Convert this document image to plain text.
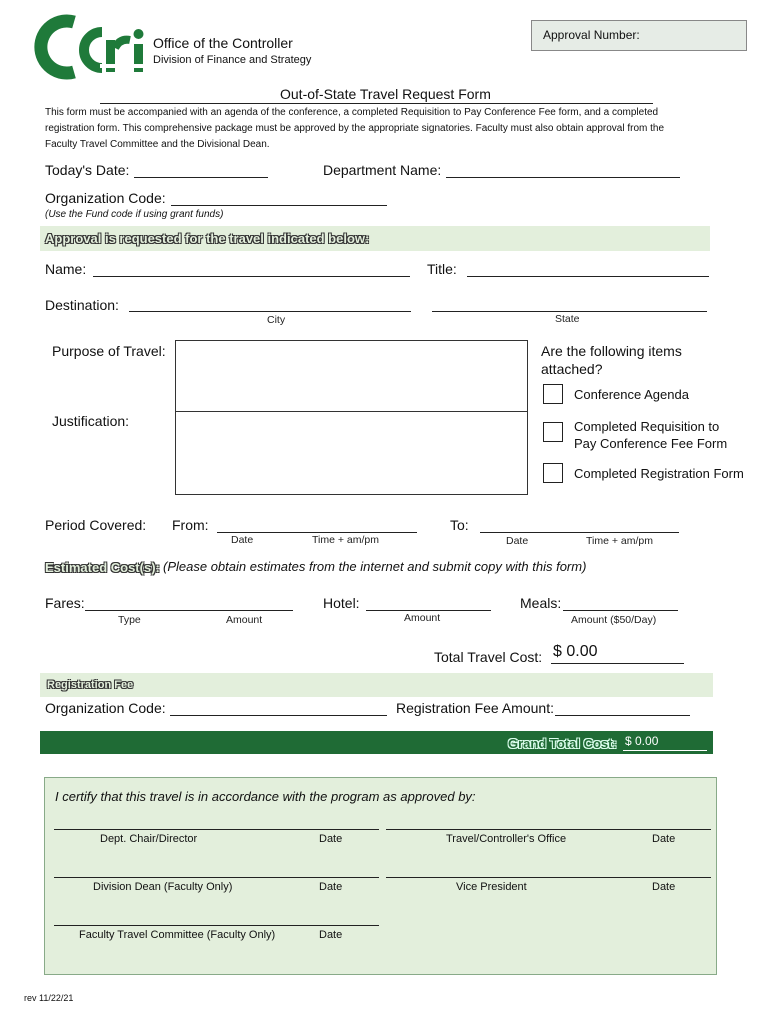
Office of the Controller
Division of Finance and Strategy
Approval Number:
Out-of-State Travel Request Form
This form must be accompanied with an agenda of the conference, a completed Requisition to Pay Conference Fee form, and a completed
registration form. This comprehensive package must be approved by the appropriate signatories. Faculty must also obtain approval from the
Faculty Travel Committee and the Divisional Dean.
Today's Date:	Department Name:
Organization Code:
(Use the Fund code if using grant funds)
Approval is requested for the travel indicated below:
Name:	Title:
Destination:
City	State
Purpose of Travel:
Justification:
Are the following items
attached?
Conference Agenda
Completed Requisition to
Pay Conference Fee Form
Completed Registration Form
Period Covered: From:
Date	Time + am/pm
To:
Date	Time + am/pm
Estimated Cost(s): (Please obtain estimates from the internet and submit copy with this form)
Fares:
Type	Amount
Hotel:
Amount
Meals:
Amount ($50/Day)
Total Travel Cost: $ 0.00
Registration Fee
Organization Code:	Registration Fee Amount:
Grand Total Cost: $ 0.00
I certify that this travel is in accordance with the program as approved by:
Dept. Chair/Director	Date	Travel/Controller's Office	Date
Division Dean (Faculty Only)	Date	Vice President	Date
Faculty Travel Committee (Faculty Only)	Date
rev 11/22/21
